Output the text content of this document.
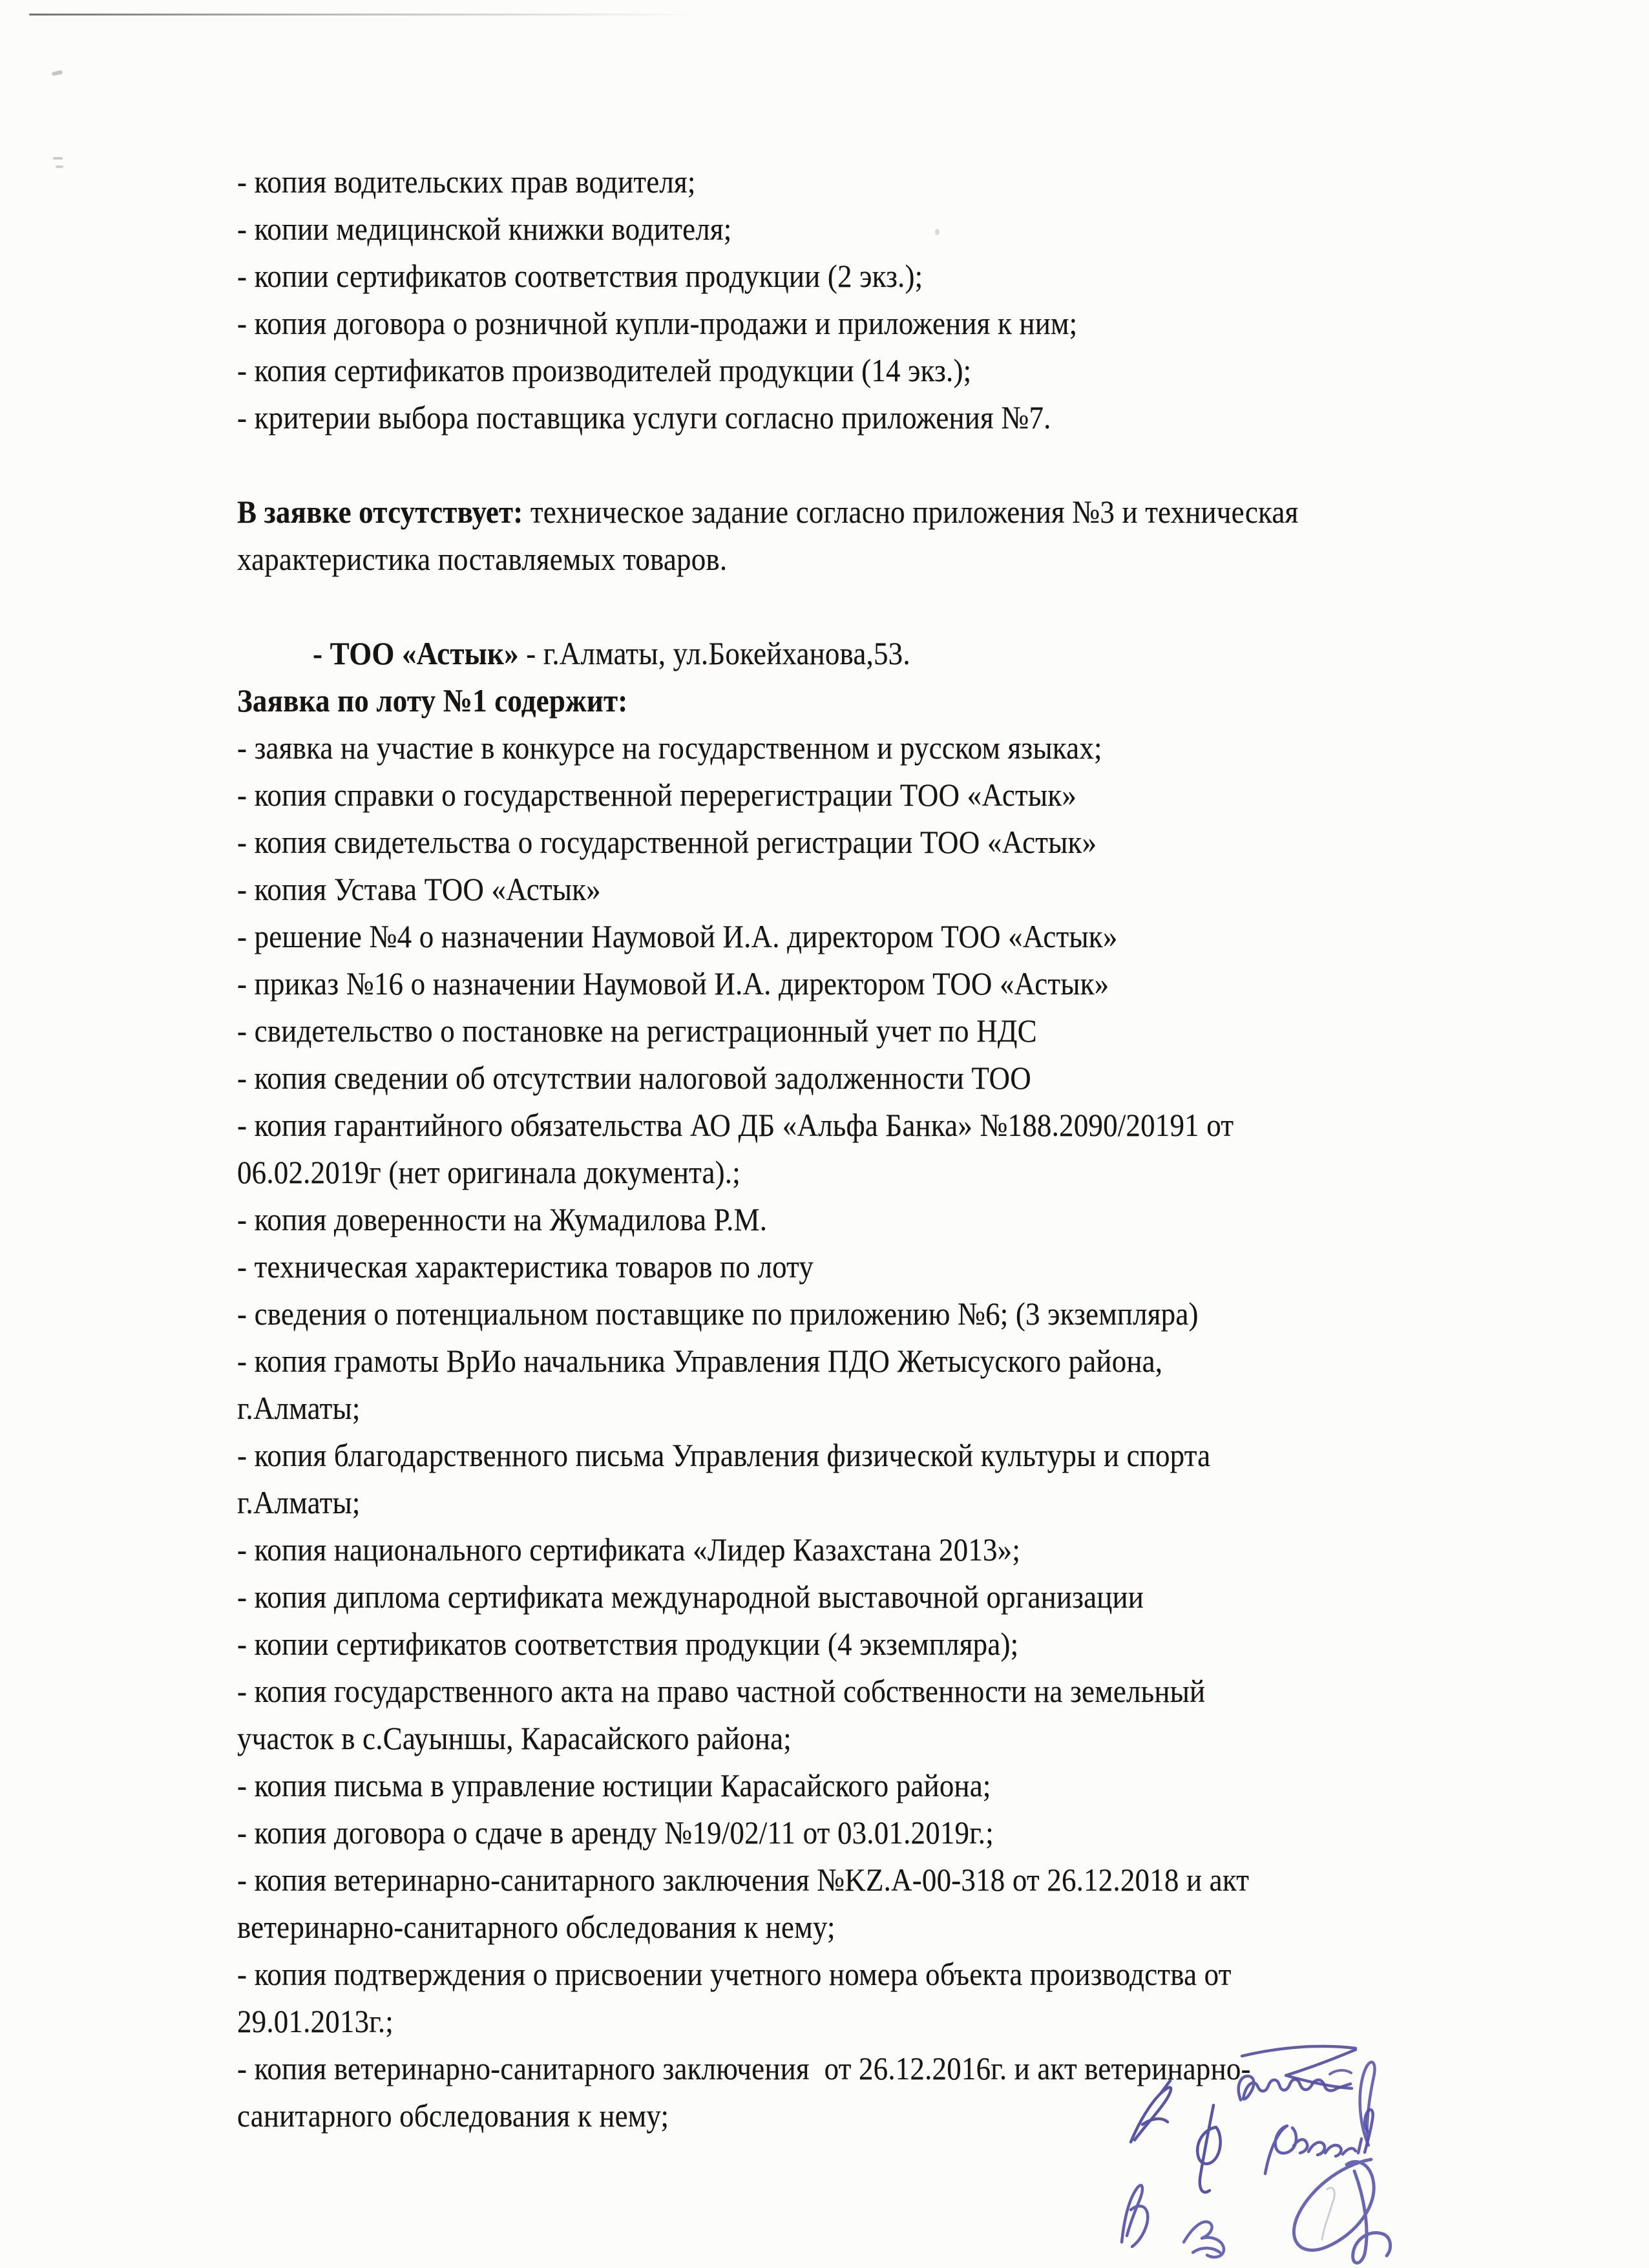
- копия водительских прав водителя;
- копии медицинской книжки водителя;
- копии сертификатов соответствия продукции (2 экз.);
- копия договора о розничной купли-продажи и приложения к ним;
- копия сертификатов производителей продукции (14 экз.);
- критерии выбора поставщика услуги согласно приложения №7.

В заявке отсутствует: техническое задание согласно приложения №3 и техническая
характеристика поставляемых товаров.

- ТОО «Астык» - г.Алматы, ул.Бокейханова,53.
Заявка по лоту №1 содержит:
- заявка на участие в конкурсе на государственном и русском языках;
- копия справки о государственной перерегистрации ТОО «Астык»
- копия свидетельства о государственной регистрации ТОО «Астык»
- копия Устава ТОО «Астык»
- решение №4 о назначении Наумовой И.А. директором ТОО «Астык»
- приказ №16 о назначении Наумовой И.А. директором ТОО «Астык»
- свидетельство о постановке на регистрационный учет по НДС
- копия сведении об отсутствии налоговой задолженности ТОО
- копия гарантийного обязательства АО ДБ «Альфа Банка» №188.2090/20191 от
06.02.2019г (нет оригинала документа).;
- копия доверенности на Жумадилова Р.М.
- техническая характеристика товаров по лоту
- сведения о потенциальном поставщике по приложению №6; (3 экземпляра)
- копия грамоты ВрИо начальника Управления ПДО Жетысуского района,
г.Алматы;
- копия благодарственного письма Управления физической культуры и спорта
г.Алматы;
- копия национального сертификата «Лидер Казахстана 2013»;
- копия диплома сертификата международной выставочной организации
- копии сертификатов соответствия продукции (4 экземпляра);
- копия государственного акта на право частной собственности на земельный
участок в с.Сауыншы, Карасайского района;
- копия письма в управление юстиции Карасайского района;
- копия договора о сдаче в аренду №19/02/11 от 03.01.2019г.;
- копия ветеринарно-санитарного заключения №KZ.А-00-318 от 26.12.2018 и акт
ветеринарно-санитарного обследования к нему;
- копия подтверждения о присвоении учетного номера объекта производства от
29.01.2013г.;
- копия ветеринарно-санитарного заключения  от 26.12.2016г. и акт ветеринарно-
санитарного обследования к нему;
